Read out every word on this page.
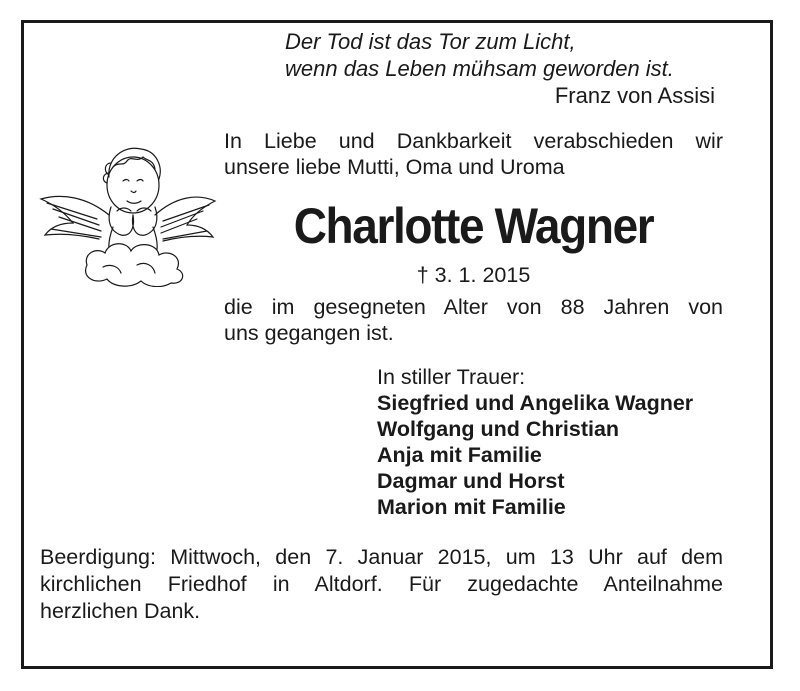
Der Tod ist das Tor zum Licht,
wenn das Leben mühsam geworden ist.
Franz von Assisi
In Liebe und Dankbarkeit verabschieden wir
unsere liebe Mutti, Oma und Uroma
Charlotte Wagner
† 3. 1. 2015
die im gesegneten Alter von 88 Jahren von
uns gegangen ist.
In stiller Trauer:
Siegfried und Angelika Wagner
Wolfgang und Christian
Anja mit Familie
Dagmar und Horst
Marion mit Familie
Beerdigung: Mittwoch, den 7. Januar 2015, um 13 Uhr auf dem
kirchlichen Friedhof in Altdorf. Für zugedachte Anteilnahme
herzlichen Dank.
